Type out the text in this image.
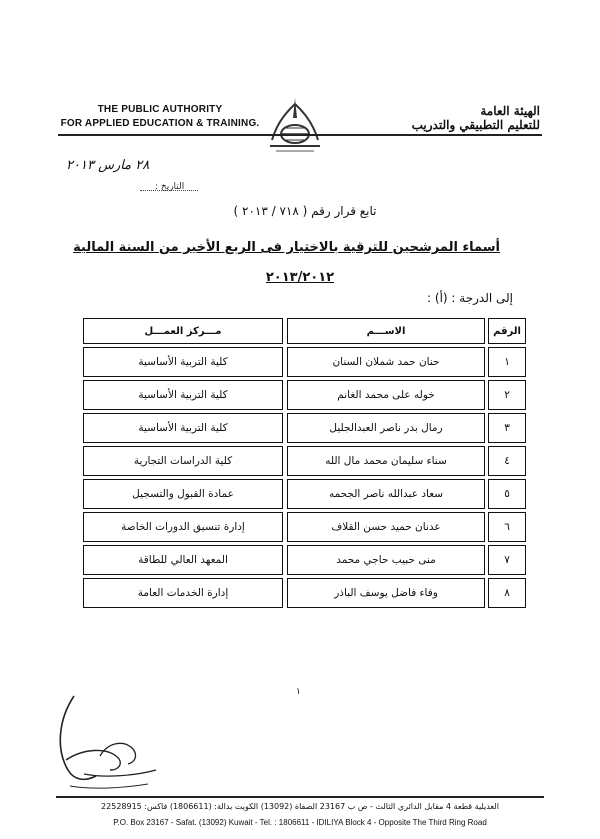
THE PUBLIC AUTHORITY
FOR APPLIED EDUCATION & TRAINING.
الهيئة العامة
للتعليم التطبيقي والتدريب
٢٨ مارس ٢٠١٣
التاريخ :
تابع قرار رقم ( ٧١٨ / ٢٠١٣ )
أسماء المرشحين للترقية بالاختيار فى الربع الأخير من السنة المالية
٢٠١٣/٢٠١٢
إلى الدرجة : (أ) :
الرقم
الاســـم
مـــركز العمـــل
١
حنان حمد شملان السنان
كلية التربية الأساسية
٢
خوله على محمد الغانم
كلية التربية الأساسية
٣
رمال بدر ناصر العبدالجليل
كلية التربية الأساسية
٤
سناء سليمان محمد مال الله
كلية الدراسات التجارية
٥
سعاد عبدالله ناصر الجحمه
عمادة القبول والتسجيل
٦
عدنان حميد حسن القلاف
إدارة تنسيق الدورات الخاصة
٧
منى حبيب حاجي محمد
المعهد العالي للطاقة
٨
وفاء فاضل يوسف الباذر
إدارة الخدمات العامة
١
العديلية قطعة 4 مقابل الدائري الثالث - ص ب 23167 الصفاة (13092) الكويت بدالة: (1806611) فاكس: 22528915
P.O. Box 23167 - Safat. (13092) Kuwait - Tel. : 1806611 - IDILIYA Block 4 - Opposite The Third Ring Road
